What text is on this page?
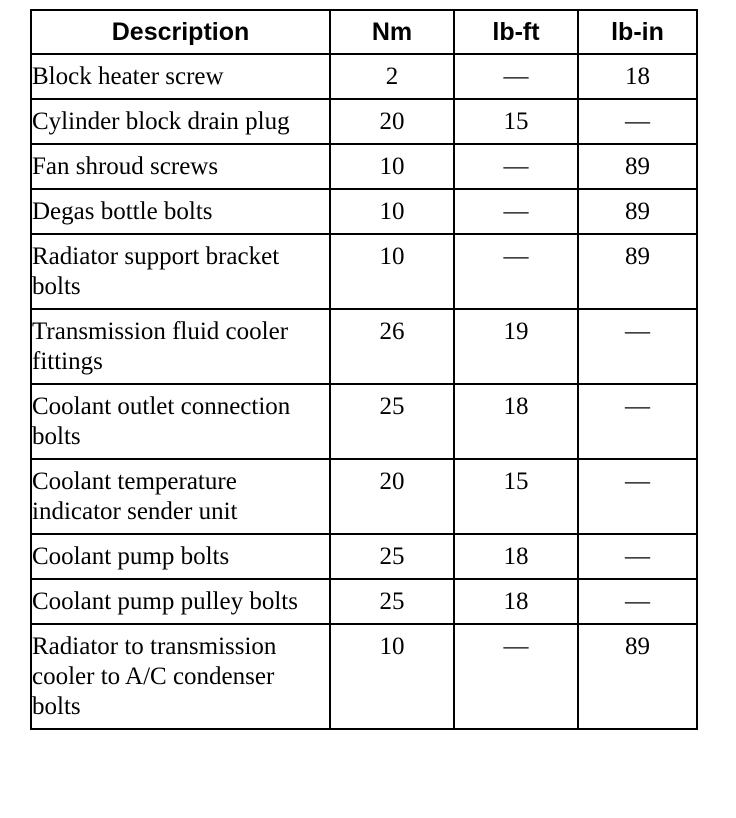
Description	Nm	lb-ft	lb-in
Block heater screw	2	—	18
Cylinder block drain plug	20	15	—
Fan shroud screws	10	—	89
Degas bottle bolts	10	—	89
Radiator support bracket bolts	10	—	89
Transmission fluid cooler fittings	26	19	—
Coolant outlet connection bolts	25	18	—
Coolant temperature indicator sender unit	20	15	—
Coolant pump bolts	25	18	—
Coolant pump pulley bolts	25	18	—
Radiator to transmission cooler to A/C condenser bolts	10	—	89
